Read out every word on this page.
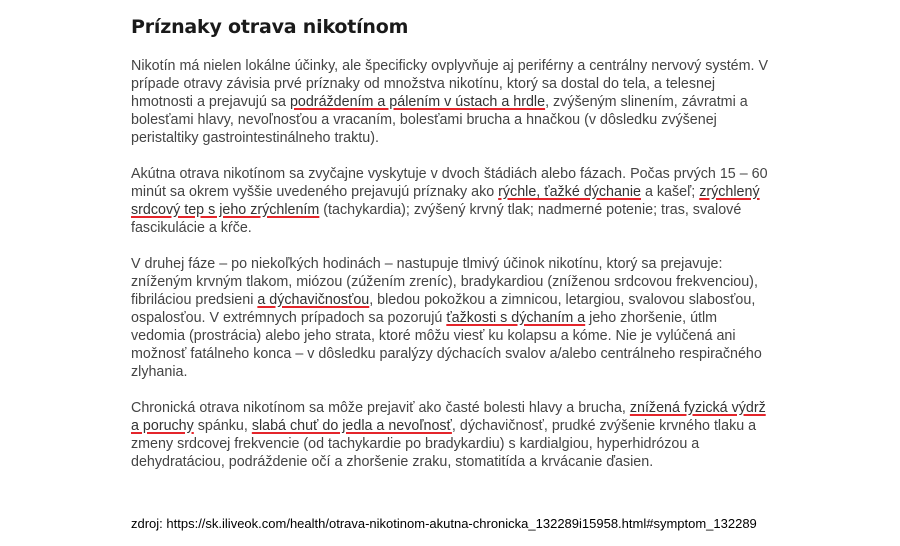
Príznaky otrava nikotínom

Nikotín má nielen lokálne účinky, ale špecificky ovplyvňuje aj periférny a centrálny nervový systém. V prípade otravy závisia prvé príznaky od množstva nikotínu, ktorý sa dostal do tela, a telesnej hmotnosti a prejavujú sa podráždením a pálením v ústach a hrdle, zvýšeným slinením, závratmi a bolesťami hlavy, nevoľnosťou a vracaním, bolesťami brucha a hnačkou (v dôsledku zvýšenej peristaltiky gastrointestinálneho traktu).

Akútna otrava nikotínom sa zvyčajne vyskytuje v dvoch štádiách alebo fázach. Počas prvých 15 – 60 minút sa okrem vyššie uvedeného prejavujú príznaky ako rýchle, ťažké dýchanie a kašeľ; zrýchlený srdcový tep s jeho zrýchlením (tachykardia); zvýšený krvný tlak; nadmerné potenie; tras, svalové fascikulácie a kŕče.

V druhej fáze – po niekoľkých hodinách – nastupuje tlmivý účinok nikotínu, ktorý sa prejavuje: zníženým krvným tlakom, miózou (zúžením zreníc), bradykardiou (zníženou srdcovou frekvenciou), fibriláciou predsieni a dýchavičnosťou, bledou pokožkou a zimnicou, letargiou, svalovou slabosťou, ospalosťou. V extrémnych prípadoch sa pozorujú ťažkosti s dýchaním a jeho zhoršenie, útlm vedomia (prostrácia) alebo jeho strata, ktoré môžu viesť ku kolapsu a kóme. Nie je vylúčená ani možnosť fatálneho konca – v dôsledku paralýzy dýchacích svalov a/alebo centrálneho respiračného zlyhania.

Chronická otrava nikotínom sa môže prejaviť ako časté bolesti hlavy a brucha, znížená fyzická výdrž a poruchy spánku, slabá chuť do jedla a nevoľnosť, dýchavičnosť, prudké zvýšenie krvného tlaku a zmeny srdcovej frekvencie (od tachykardie po bradykardiu) s kardialgiou, hyperhidrózou a dehydratáciou, podráždenie očí a zhoršenie zraku, stomatitída a krvácanie ďasien.

zdroj: https://sk.iliveok.com/health/otrava-nikotinom-akutna-chronicka_132289i15958.html#symptom_132289
